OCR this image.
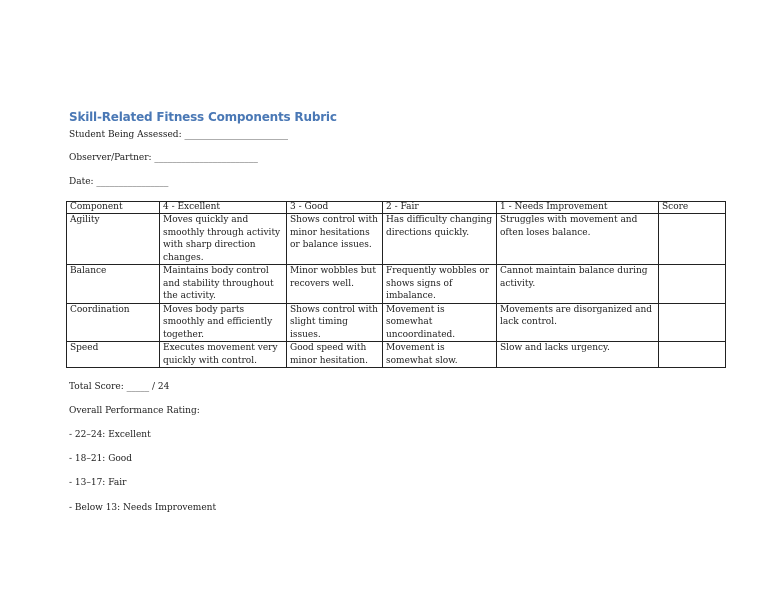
Skill-Related Fitness Components Rubric
Student Being Assessed: _______________________
Observer/Partner: _______________________
Date: ________________
Component	4 - Excellent	3 - Good	2 - Fair	1 - Needs Improvement	Score
Agility	Moves quickly and smoothly through activity with sharp direction changes.	Shows control with minor hesitations or balance issues.	Has difficulty changing directions quickly.	Struggles with movement and often loses balance.	
Balance	Maintains body control and stability throughout the activity.	Minor wobbles but recovers well.	Frequently wobbles or shows signs of imbalance.	Cannot maintain balance during activity.	
Coordination	Moves body parts smoothly and efficiently together.	Shows control with slight timing issues.	Movement is somewhat uncoordinated.	Movements are disorganized and lack control.	
Speed	Executes movement very quickly with control.	Good speed with minor hesitation.	Movement is somewhat slow.	Slow and lacks urgency.	
Total Score: _____ / 24
Overall Performance Rating:
- 22–24: Excellent
- 18–21: Good
- 13–17: Fair
- Below 13: Needs Improvement
